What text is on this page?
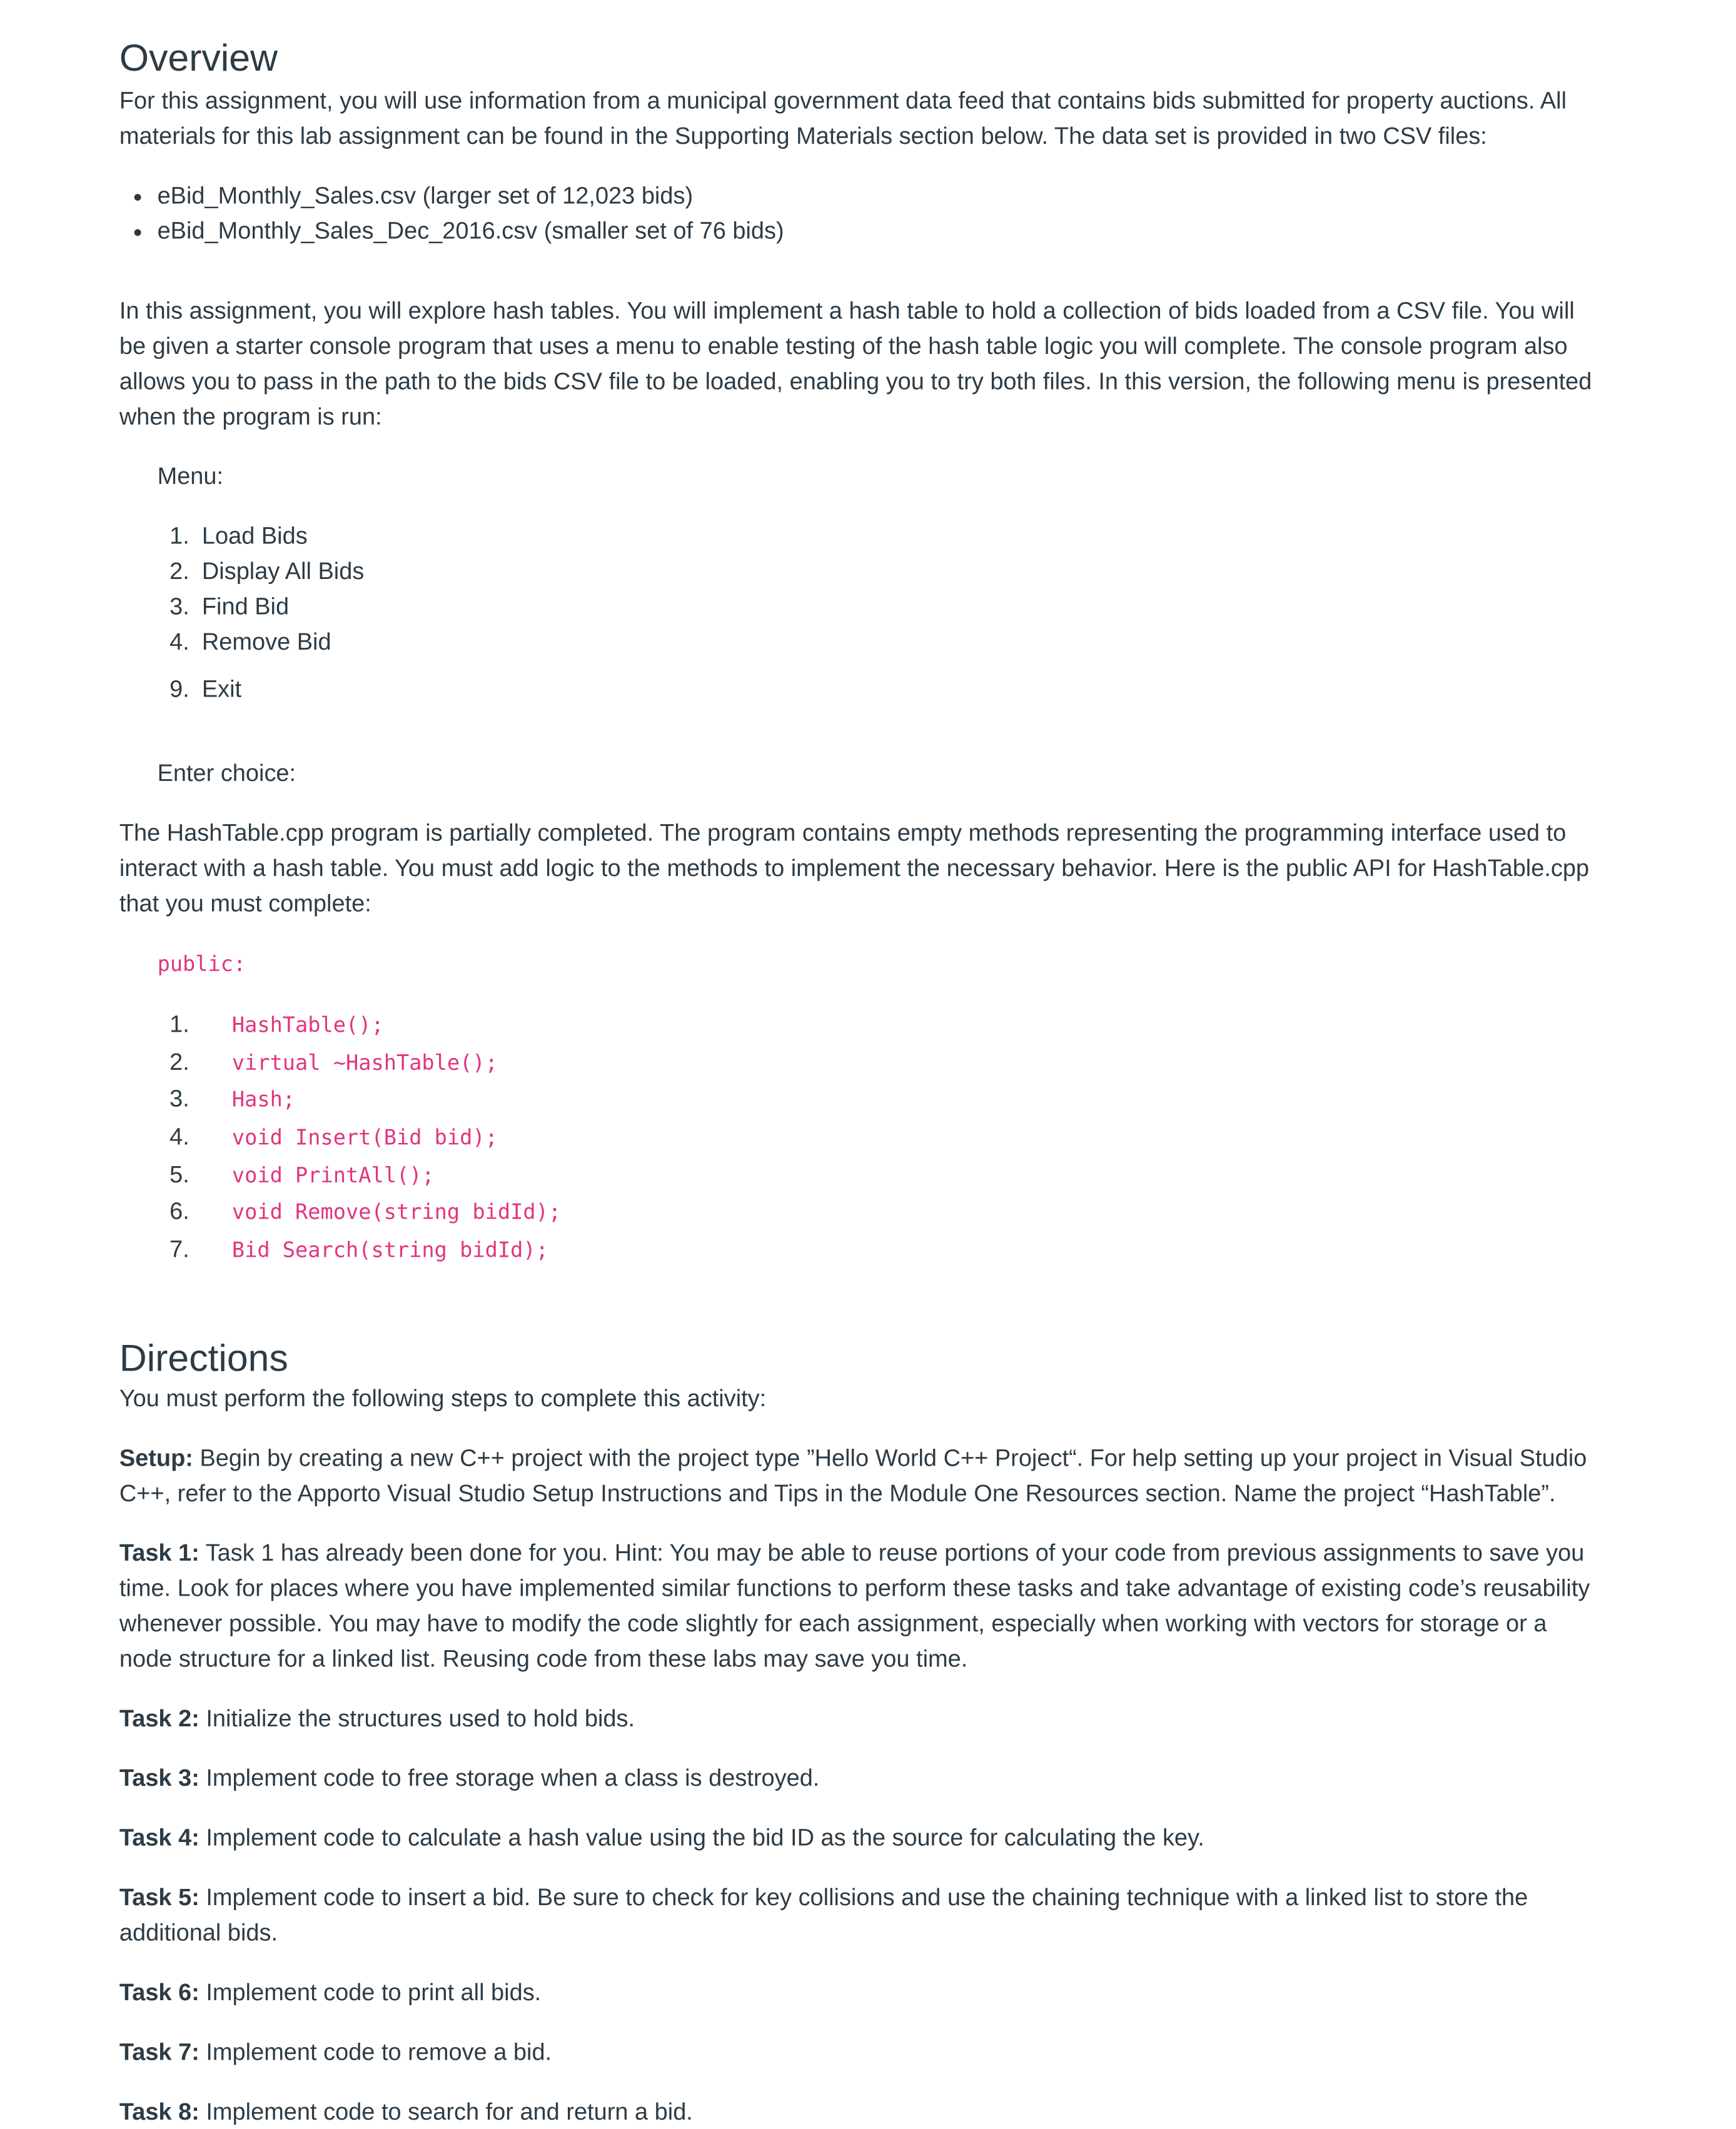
Overview

For this assignment, you will use information from a municipal government data feed that contains bids submitted for property auctions. All materials for this lab assignment can be found in the Supporting Materials section below. The data set is provided in two CSV files:

• eBid_Monthly_Sales.csv (larger set of 12,023 bids)
• eBid_Monthly_Sales_Dec_2016.csv (smaller set of 76 bids)

In this assignment, you will explore hash tables. You will implement a hash table to hold a collection of bids loaded from a CSV file. You will be given a starter console program that uses a menu to enable testing of the hash table logic you will complete. The console program also allows you to pass in the path to the bids CSV file to be loaded, enabling you to try both files. In this version, the following menu is presented when the program is run:

Menu:

1. Load Bids
2. Display All Bids
3. Find Bid
4. Remove Bid
9. Exit

Enter choice:

The HashTable.cpp program is partially completed. The program contains empty methods representing the programming interface used to interact with a hash table. You must add logic to the methods to implement the necessary behavior. Here is the public API for HashTable.cpp that you must complete:

public:

1.	HashTable();
2.	virtual ~HashTable();
3.	Hash;
4.	void Insert(Bid bid);
5.	void PrintAll();
6.	void Remove(string bidId);
7.	Bid Search(string bidId);
Directions

You must perform the following steps to complete this activity:

Setup: Begin by creating a new C++ project with the project type ”Hello World C++ Project“. For help setting up your project in Visual Studio C++, refer to the Apporto Visual Studio Setup Instructions and Tips in the Module One Resources section. Name the project “HashTable”.

Task 1: Task 1 has already been done for you. Hint: You may be able to reuse portions of your code from previous assignments to save you time. Look for places where you have implemented similar functions to perform these tasks and take advantage of existing code’s reusability whenever possible. You may have to modify the code slightly for each assignment, especially when working with vectors for storage or a node structure for a linked list. Reusing code from these labs may save you time.

Task 2: Initialize the structures used to hold bids.

Task 3: Implement code to free storage when a class is destroyed.

Task 4: Implement code to calculate a hash value using the bid ID as the source for calculating the key.

Task 5: Implement code to insert a bid. Be sure to check for key collisions and use the chaining technique with a linked list to store the additional bids.

Task 6: Implement code to print all bids.

Task 7: Implement code to remove a bid.

Task 8: Implement code to search for and return a bid.
